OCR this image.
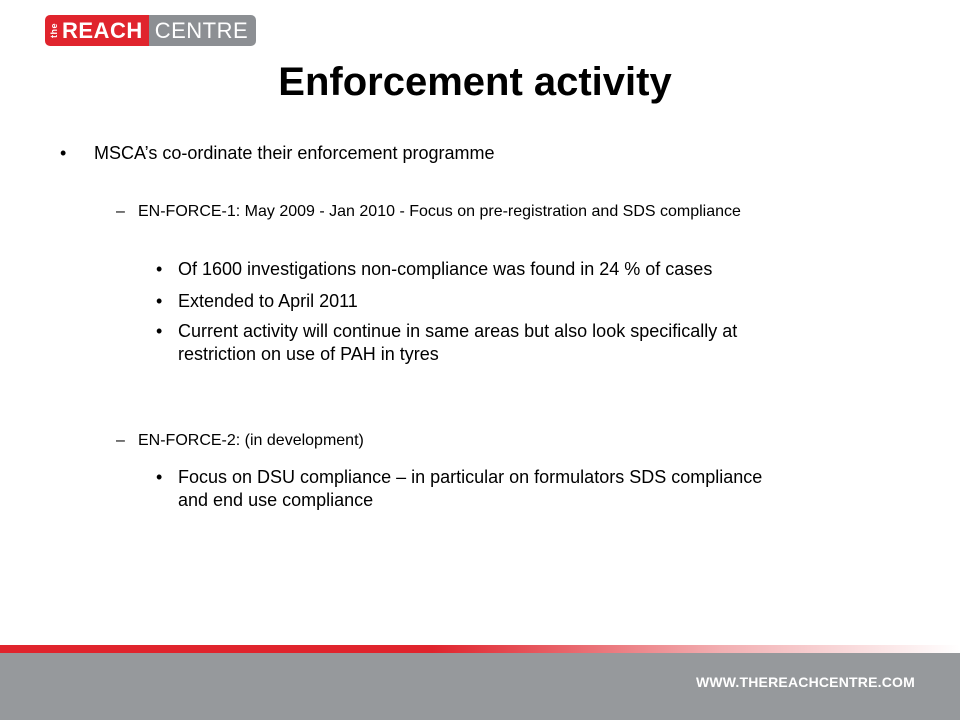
the REACH CENTRE
Enforcement activity
• MSCA’s co-ordinate their enforcement programme

– EN-FORCE-1: May 2009 - Jan 2010 - Focus on pre-registration and SDS compliance

• Of 1600 investigations non-compliance was found in 24 % of cases

• Extended to April 2011

• Current activity will continue in same areas but also look specifically at

restriction on use of PAH in tyres

– EN-FORCE-2: (in development)

• Focus on DSU compliance – in particular on formulators SDS compliance

and end use compliance

WWW.THEREACHCENTRE.COM
